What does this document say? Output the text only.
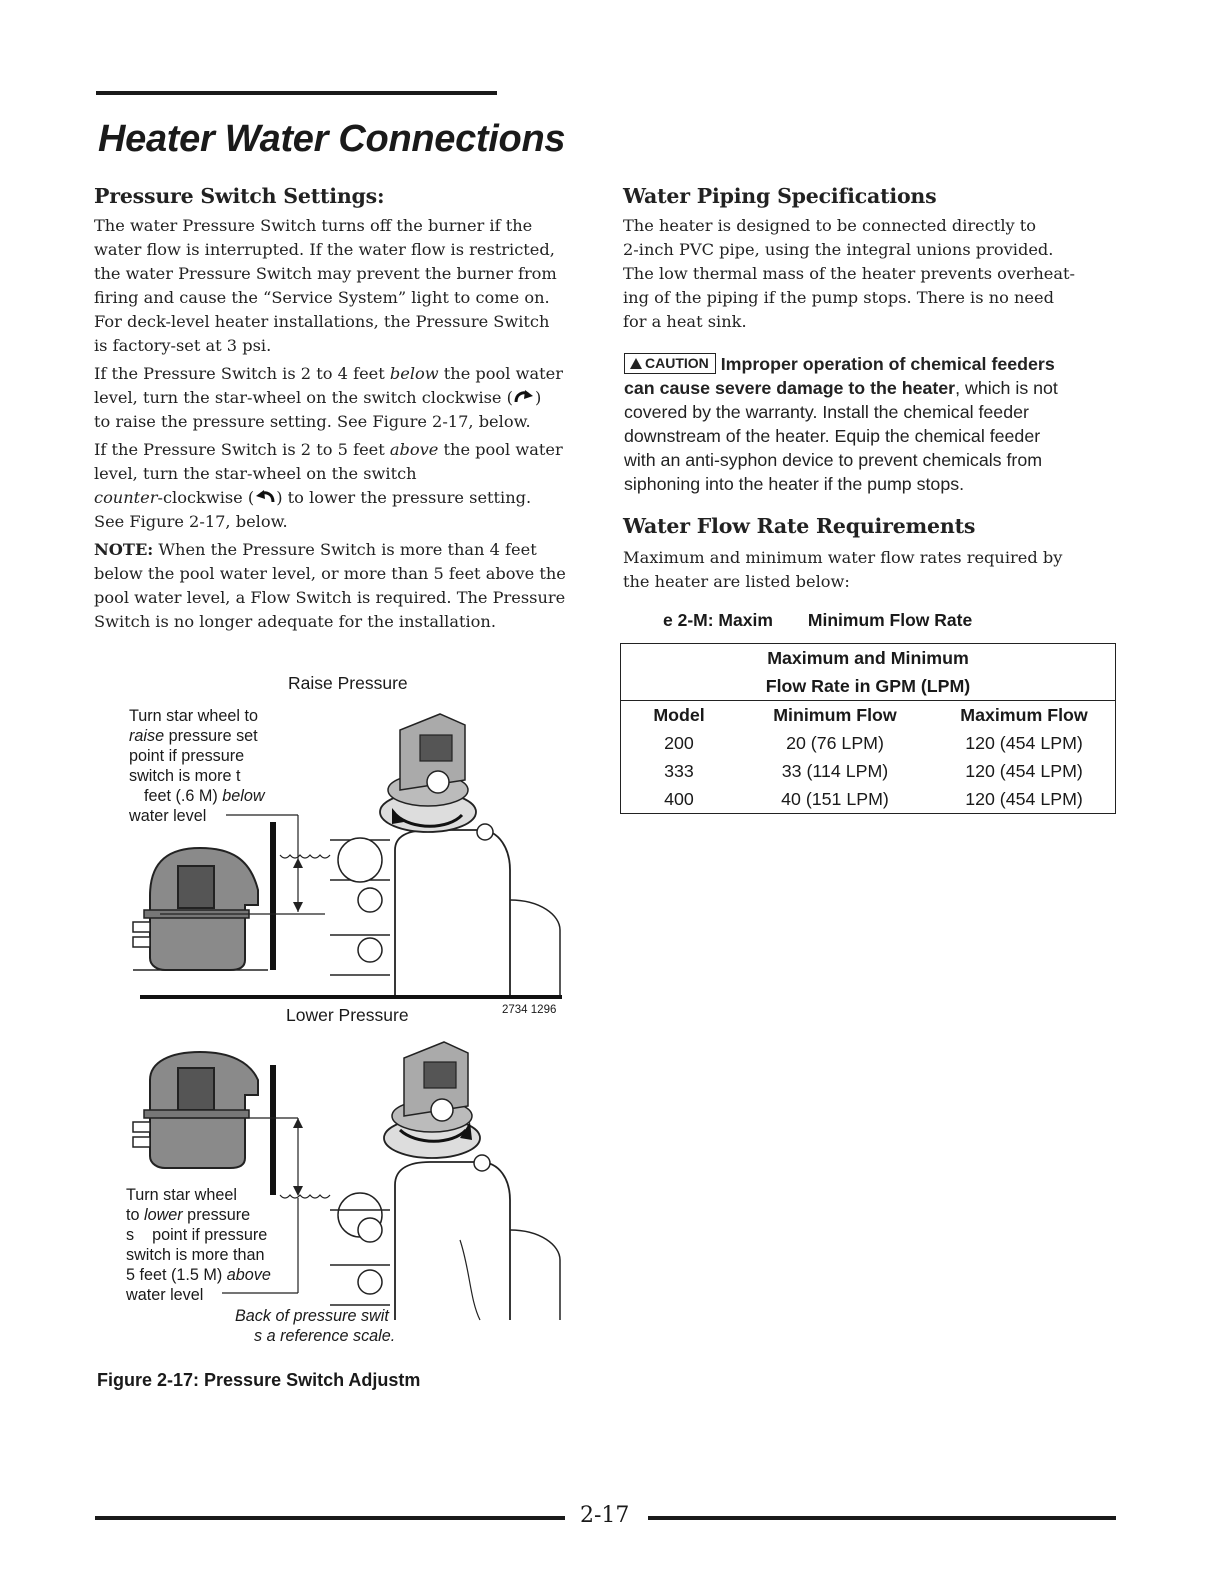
Heater Water Connections
Pressure Switch Settings:

The water Pressure Switch turns off the burner if the
water flow is interrupted. If the water flow is restricted,
the water Pressure Switch may prevent the burner from
firing and cause the “Service System” light to come on.
For deck-level heater installations, the Pressure Switch
is factory-set at 3 psi.

If the Pressure Switch is 2 to 4 feet below the pool water
level, turn the star-wheel on the switch clockwise ( )
to raise the pressure setting. See Figure 2-17, below.

If the Pressure Switch is 2 to 5 feet above the pool water
level, turn the star-wheel on the switch
counter-clockwise ( ) to lower the pressure setting.
See Figure 2-17, below.

NOTE: When the Pressure Switch is more than 4 feet
below the pool water level, or more than 5 feet above the
pool water level, a Flow Switch is required. The Pressure
Switch is no longer adequate for the installation.

Water Piping Specifications
The heater is designed to be connected directly to
2-inch PVC pipe, using the integral unions provided.
The low thermal mass of the heater prevents overheat-
ing of the piping if the pump stops. There is no need
for a heat sink.
CAUTION Improper operation of chemical feeders
can cause severe damage to the heater, which is not
covered by the warranty. Install the chemical feeder
downstream of the heater. Equip the chemical feeder
with an anti-syphon device to prevent chemicals from
siphoning into the heater if the pump stops.
Water Flow Rate Requirements
Maximum and minimum water flow rates required by
the heater are listed below:
e 2-M: Maxim Minimum Flow Rate
Maximum and Minimum
Flow Rate in GPM (LPM)		

Model	Minimum Flow	Maximum Flow
200	20 (76 LPM)	120 (454 LPM)
333	33 (114 LPM)	120 (454 LPM)
400	40 (151 LPM)	120 (454 LPM)
Raise Pressure
Turn star wheel to
raise pressure set
point if pressure
switch is more t
feet (.6 M) below
water level
Lower Pressure	2734 1296
Turn star wheel
to lower pressure
s    point if pressure
switch is more than
5 feet (1.5 M) above
water level
Back of pressure swit
s a reference scale.
Figure 2-17: Pressure Switch Adjustm
2-17
